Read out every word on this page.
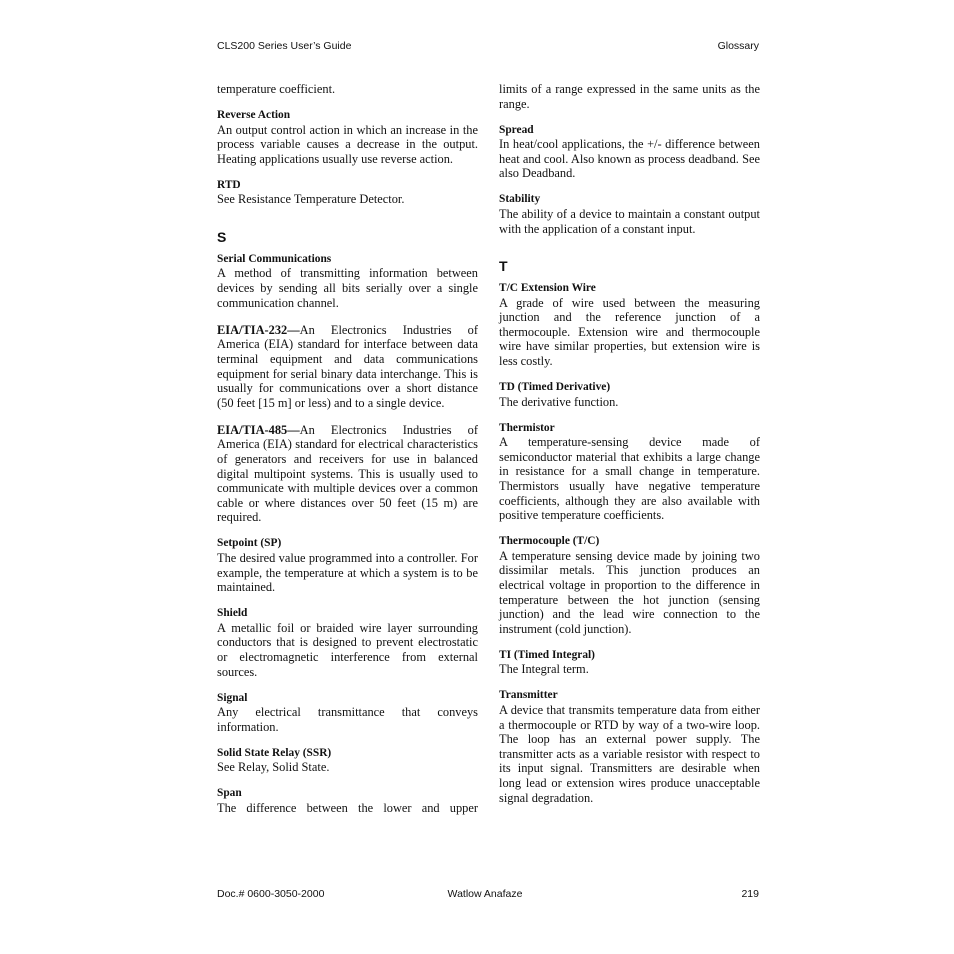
CLS200 Series User’s Guide	Glossary
temperature coefficient.
Reverse Action
An output control action in which an increase in the process variable causes a decrease in the output. Heating applications usually use reverse action.
RTD
See Resistance Temperature Detector.
S
Serial Communications
A method of transmitting information between devices by sending all bits serially over a single communication channel.
EIA/TIA-232—An Electronics Industries of America (EIA) standard for interface between data terminal equipment and data communications equipment for serial binary data interchange. This is usually for communications over a short distance (50 feet [15 m] or less) and to a single device.
EIA/TIA-485—An Electronics Industries of America (EIA) standard for electrical characteristics of generators and receivers for use in balanced digital multipoint systems. This is usually used to communicate with multiple devices over a common cable or where distances over 50 feet (15 m) are required.
Setpoint (SP)
The desired value programmed into a controller. For example, the temperature at which a system is to be maintained.
Shield
A metallic foil or braided wire layer surrounding conductors that is designed to prevent electrostatic or electromagnetic interference from external sources.
Signal
Any electrical transmittance that conveys information.
Solid State Relay (SSR)
See Relay, Solid State.
Span
The difference between the lower and upper
limits of a range expressed in the same units as the range.
Spread
In heat/cool applications, the +/- difference between heat and cool. Also known as process deadband. See also Deadband.
Stability
The ability of a device to maintain a constant output with the application of a constant input.
T
T/C Extension Wire
A grade of wire used between the measuring junction and the reference junction of a thermocouple. Extension wire and thermocouple wire have similar properties, but extension wire is less costly.
TD (Timed Derivative)
The derivative function.
Thermistor
A temperature-sensing device made of semiconductor material that exhibits a large change in resistance for a small change in temperature. Thermistors usually have negative temperature coefficients, although they are also available with positive temperature coefficients.
Thermocouple (T/C)
A temperature sensing device made by joining two dissimilar metals. This junction produces an electrical voltage in proportion to the difference in temperature between the hot junction (sensing junction) and the lead wire connection to the instrument (cold junction).
TI (Timed Integral)
The Integral term.
Transmitter
A device that transmits temperature data from either a thermocouple or RTD by way of a two-wire loop. The loop has an external power supply. The transmitter acts as a variable resistor with respect to its input signal. Transmitters are desirable when long lead or extension wires produce unacceptable signal degradation.
Doc.# 0600-3050-2000	Watlow Anafaze	219
